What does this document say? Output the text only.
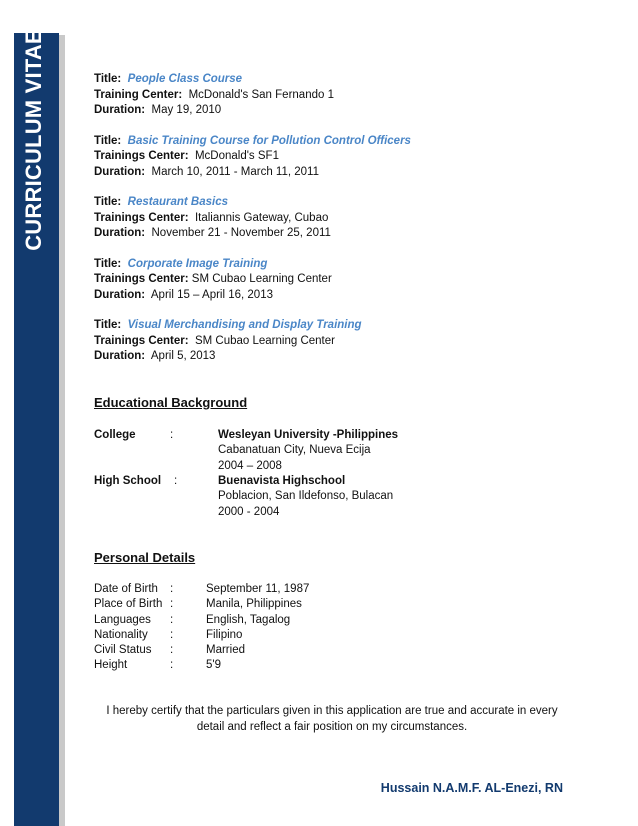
CURRICULUM VITAE	Title: People Class Course
Training Center: McDonald's San Fernando 1
Duration: May 19, 2010
Title: Basic Training Course for Pollution Control Officers
Trainings Center: McDonald's SF1
Duration: March 10, 2011 - March 11, 2011
Title: Restaurant Basics
Trainings Center: Italiannis Gateway, Cubao
Duration: November 21 - November 25, 2011
Title: Corporate Image Training
Trainings Center: SM Cubao Learning Center
Duration: April 15 – April 16, 2013
Title: Visual Merchandising and Display Training
Trainings Center: SM Cubao Learning Center
Duration: April 5, 2013
Educational Background
College	:	Wesleyan University -Philippines
Cabanatuan City, Nueva Ecija
2004 – 2008
High School :	Buenavista Highschool
Poblacion, San Ildefonso, Bulacan
2000 - 2004
Personal Details
Date of Birth :	September 11, 1987
Place of Birth :	Manila, Philippines
Languages :	English, Tagalog
Nationality :	Filipino
Civil Status :	Married
Height	:	5'9
I hereby certify that the particulars given in this application are true and accurate in every detail and reflect a fair position on my circumstances.
Hussain N.A.M.F. AL-Enezi, RN
